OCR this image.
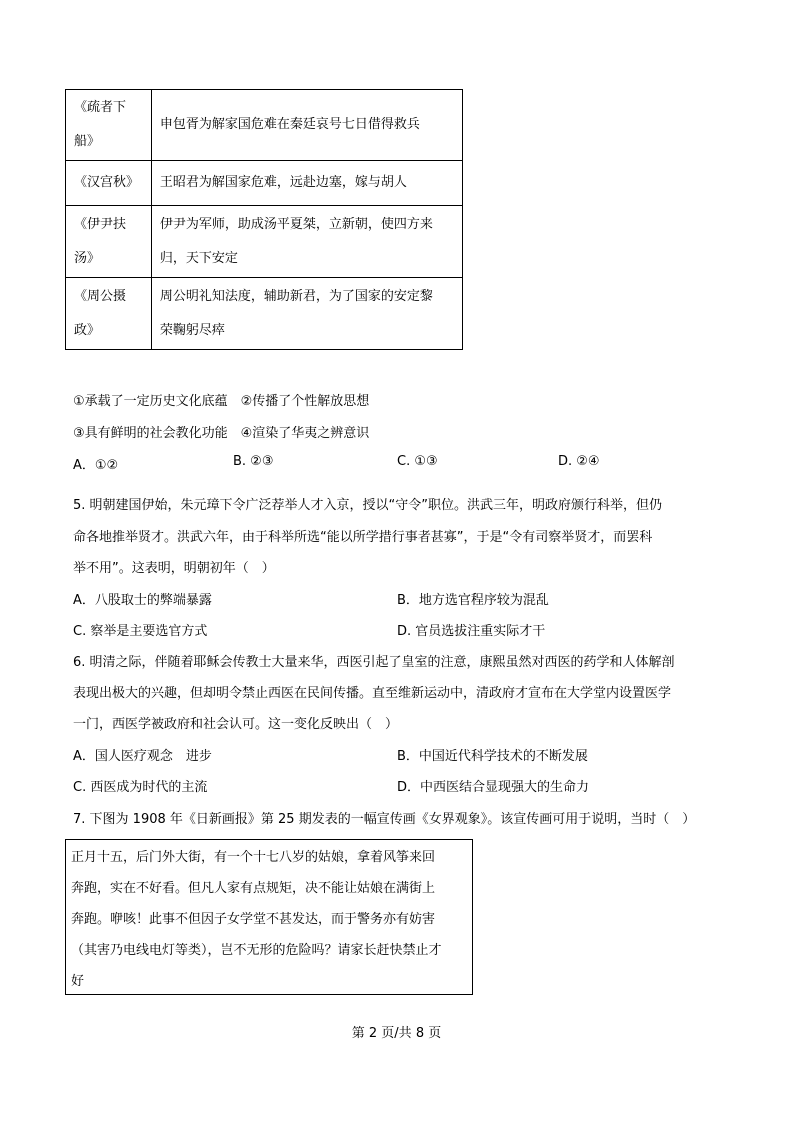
《疏者下
船》	申包胥为解家国危难在秦廷哀号七日借得救兵
《汉宫秋》	王昭君为解国家危难，远赴边塞，嫁与胡人
《伊尹扶
汤》	伊尹为军师，助成汤平夏桀，立新朝，使四方来
归，天下安定
《周公摄
政》	周公明礼知法度，辅助新君，为了国家的安定黎
荣鞠躬尽瘁
①承载了一定历史文化底蕴　②传播了个性解放思想
③具有鲜明的社会教化功能　④渲染了华夷之辨意识
A．①②	B. ②③	C. ①③	D. ②④
5. 明朝建国伊始，朱元璋下令广泛荐举人才入京，授以“守令”职位。洪武三年，明政府颁行科举，但仍
命各地推举贤才。洪武六年，由于科举所选“能以所学措行事者甚寡”，于是“令有司察举贤才，而罢科
举不用”。这表明，明朝初年（　）
A．八股取士的弊端暴露	B．地方选官程序较为混乱
C. 察举是主要选官方式	D. 官员选拔注重实际才干
6. 明清之际，伴随着耶稣会传教士大量来华，西医引起了皇室的注意，康熙虽然对西医的药学和人体解剖
表现出极大的兴趣，但却明令禁止西医在民间传播。直至维新运动中，清政府才宣布在大学堂内设置医学
一门，西医学被政府和社会认可。这一变化反映出（　）
A．国人医疗观念　进步	B．中国近代科学技术的不断发展
C. 西医成为时代的主流	D．中西医结合显现强大的生命力
7. 下图为 1908 年《日新画报》第 25 期发表的一幅宣传画《女界观象》。该宣传画可用于说明，当时（　）
正月十五，后门外大街，有一个十七八岁的姑娘，拿着风筝来回
奔跑，实在不好看。但凡人家有点规矩，决不能让姑娘在满街上
奔跑。咿咳！此事不但因子女学堂不甚发达，而于警务亦有妨害
（其害乃电线电灯等类），岂不无形的危险吗？请家长赶快禁止才
好
第 2 页/共 8 页
